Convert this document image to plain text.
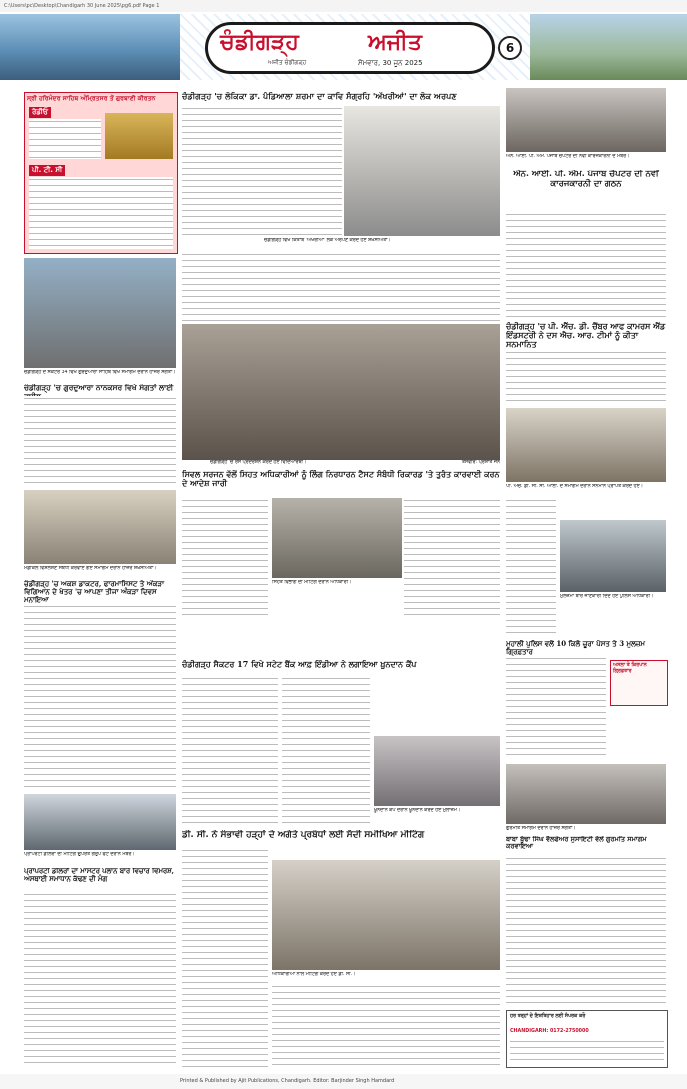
C:\Users\pc\Desktop\Chandigarh 30 June 2025\pg6.pdf Page 1
ਚੰਡੀਗੜ੍ਹ	ਅਜੀਤ
ਅਜੀਤ ਚੰਡੀਗੜ੍ਹ	ਸੋਮਵਾਰ, 30 ਜੂਨ 2025
6
ਸ੍ਰੀ ਹਰਿਮੰਦਰ ਸਾਹਿਬ ਅੰਮ੍ਰਿਤਸਰ ਤੋਂ ਗੁਰਬਾਣੀ ਕੀਰਤਨ
ਰੇਡੀਓ
ਪੀ. ਟੀ. ਸੀ
ਚੰਡੀਗੜ੍ਹ ਦੇ ਸੈਕਟਰ 34 ਵਿਖੇ ਗੁਰਦੁਆਰਾ ਸਾਹਿਬ ਵਿਖੇ ਸਮਾਗਮ ਦੌਰਾਨ ਹਾਜ਼ਰ ਸੰਗਤਾਂ।
ਚੰਡੀਗੜ੍ਹ 'ਚ ਗੁਰਦੁਆਰਾ ਨਾਨਕਸਰ ਵਿਖੇ ਸੰਗਤਾਂ ਲਾਈ
ਮੈਡੀਕਲ ਵਿਸ਼ਲੇਸ਼ਣ ਸਬੰਧੀ ਕਰਵਾਏ ਗਏ ਸਮਾਗਮ ਦੌਰਾਨ ਹਾਜ਼ਰ ਸ਼ਖ਼ਸੀਅਤਾਂ।
ਚੰਡੀਗੜ੍ਹ 'ਚ ਅਕਸ਼ ਡਾਕਟਰ, ਫਾਰਮਾਸਿਸਟ ਤੇ ਅੰਕੜਾ ਵਿਗਿਆਨ ਦੇ ਖੇਤਰ 'ਚ ਆਪਣਾ ਤੀਜਾ ਅੰਕੜਾ ਦਿਵਸ ਮਨਾਇਆ
ਪ੍ਰਾਪਰਟੀ ਡੀਲਰਾਂ ਦੀ ਮੀਟਿੰਗ ਉਪਰੰਤ ਗਰੁੱਪ ਫੋਟੋ ਦੌਰਾਨ ਮੈਂਬਰ।
ਪ੍ਰਾਪਰਟੀ ਡੀਲਰਾਂ ਦਾ ਮਾਸਟਰ ਪਲਾਨ ਬਾਰੇ ਵਿਚਾਰ ਵਿਮਰਸ਼, ਅਸਥਾਈ ਸਮਾਧਾਨ ਕੱਢਣ ਦੀ ਮੰਗ
ਚੰਡੀਗੜ੍ਹ 'ਚ ਲੋਕਿਕਾ ਡਾ. ਪੰਡਿਆਲਾ ਸ਼ਰਮਾ ਦਾ ਕਾਵਿ ਸੰਗ੍ਰਹਿ 'ਅੱਖਰੀਆਂ' ਦਾ ਲੋਕ ਅਰਪਣ
ਚੰਡੀਗੜ੍ਹ ਵਿਖੇ ਕਿਤਾਬ 'ਅੱਖਰੀਆਂ' ਲੋਕ ਅਰਪਣ ਕਰਦੇ ਹੋਏ ਸ਼ਖ਼ਸੀਅਤਾਂ।
ਚੰਡੀਗੜ੍ਹ 'ਚ ਰੋਸ ਪ੍ਰਦਰਸ਼ਨ ਕਰਦੇ ਹੋਏ ਵਿਦਿਆਰਥੀ।	ਤਸਵੀਰ: ਪ੍ਰਸ਼ਾਂਤ ਜੈਨ
ਸਿਵਲ ਸਰਜਨ ਵੱਲੋਂ ਸਿਹਤ ਅਧਿਕਾਰੀਆਂ ਨੂੰ ਲਿੰਗ ਨਿਰਧਾਰਨ ਟੈਸਟ ਸੰਬੰਧੀ ਰਿਕਾਰਡ 'ਤੇ ਤੁਰੰਤ ਕਾਰਵਾਈ ਕਰਨ ਦੇ ਆਦੇਸ਼ ਜਾਰੀ
ਸਿਹਤ ਵਿਭਾਗ ਦੀ ਮੀਟਿੰਗ ਦੌਰਾਨ ਅਧਿਕਾਰੀ।
ਚੰਡੀਗੜ੍ਹ ਸੈਕਟਰ 17 ਵਿਖੇ ਸਟੇਟ ਬੈਂਕ ਆਫ਼ ਇੰਡੀਆ ਨੇ ਲਗਾਇਆ ਖ਼ੂਨਦਾਨ ਕੈਂਪ
ਖ਼ੂਨਦਾਨ ਕੈਂਪ ਦੌਰਾਨ ਖ਼ੂਨਦਾਨ ਕਰਦੇ ਹੋਏ ਮੁਲਾਜ਼ਮ।
ਡੀ. ਸੀ. ਨੇ ਸੰਭਾਵੀ ਹੜ੍ਹਾਂ ਦੇ ਅਗੇਤੇ ਪ੍ਰਬੰਧਾਂ ਲਈ ਸੱਦੀ ਸਮੀਖਿਆ ਮੀਟਿੰਗ
ਅਧਿਕਾਰੀਆਂ ਨਾਲ ਮੀਟਿੰਗ ਕਰਦੇ ਹੋਏ ਡੀ. ਸੀ.।
ਐਨ. ਆਈ. ਪੀ. ਐਮ. ਪੰਜਾਬ ਚੈਪਟਰ ਦੀ ਨਵੀਂ ਕਾਰਜਕਾਰਨੀ ਦੇ ਮੈਂਬਰ।
ਐਨ. ਆਈ. ਪੀ. ਐਮ. ਪੰਜਾਬ ਚੈਪਟਰ ਦੀ ਨਵੀਂ ਕਾਰਜਕਾਰਨੀ ਦਾ ਗਠਨ
ਚੰਡੀਗੜ੍ਹ 'ਚ ਪੀ. ਐੱਚ. ਡੀ. ਚੈਂਬਰ ਆਫ ਕਾਮਰਸ ਐਂਡ ਇੰਡਸਟਰੀ ਨੇ ਦਸ ਐਚ. ਆਰ. ਟੀਮਾਂ ਨੂੰ ਕੀਤਾ ਸਨਮਾਨਿਤ
ਪੀ. ਐਚ. ਡੀ. ਸੀ. ਸੀ. ਆਈ. ਦੇ ਸਮਾਗਮ ਦੌਰਾਨ ਸਨਮਾਨ ਪ੍ਰਾਪਤ ਕਰਦੇ ਹੋਏ।
ਮੁਲਜ਼ਮਾਂ ਬਾਰੇ ਜਾਣਕਾਰੀ ਦਿੰਦੇ ਹੋਏ ਪੁਲਿਸ ਅਧਿਕਾਰੀ।
ਮੁਹਾਲੀ ਪੁਲਿਸ ਵਲੋਂ 10 ਕਿਲੋ ਚੂਰਾ ਪੋਸਤ ਤੇ 3 ਮੁਲਜ਼ਮ ਗ੍ਰਿਫ਼ਤਾਰ
ਅਸਲਾ ਤੇ ਕਿਰਪਾਨ ਗ੍ਰਿਫ਼ਤਾਰ
ਗੁਰਮਤਿ ਸਮਾਗਮ ਦੌਰਾਨ ਹਾਜ਼ਰ ਸੰਗਤਾਂ।
ਬਾਬਾ ਬੁੱਢਾ ਸਿੰਘ ਵੈਲਫੇਅਰ ਸੁਸਾਇਟੀ ਵੱਲੋਂ ਗੁਰਮਤਿ ਸਮਾਗਮ ਕਰਵਾਇਆ
ਹਰ ਤਰ੍ਹਾਂ ਦੇ ਇਸ਼ਤਿਹਾਰ ਲਈ ਸੰਪਰਕ ਕਰੋ
CHANDIGARH: 0172-2750000
Printed & Published by Ajit Publications, Chandigarh. Editor: Barjinder Singh Hamdard
